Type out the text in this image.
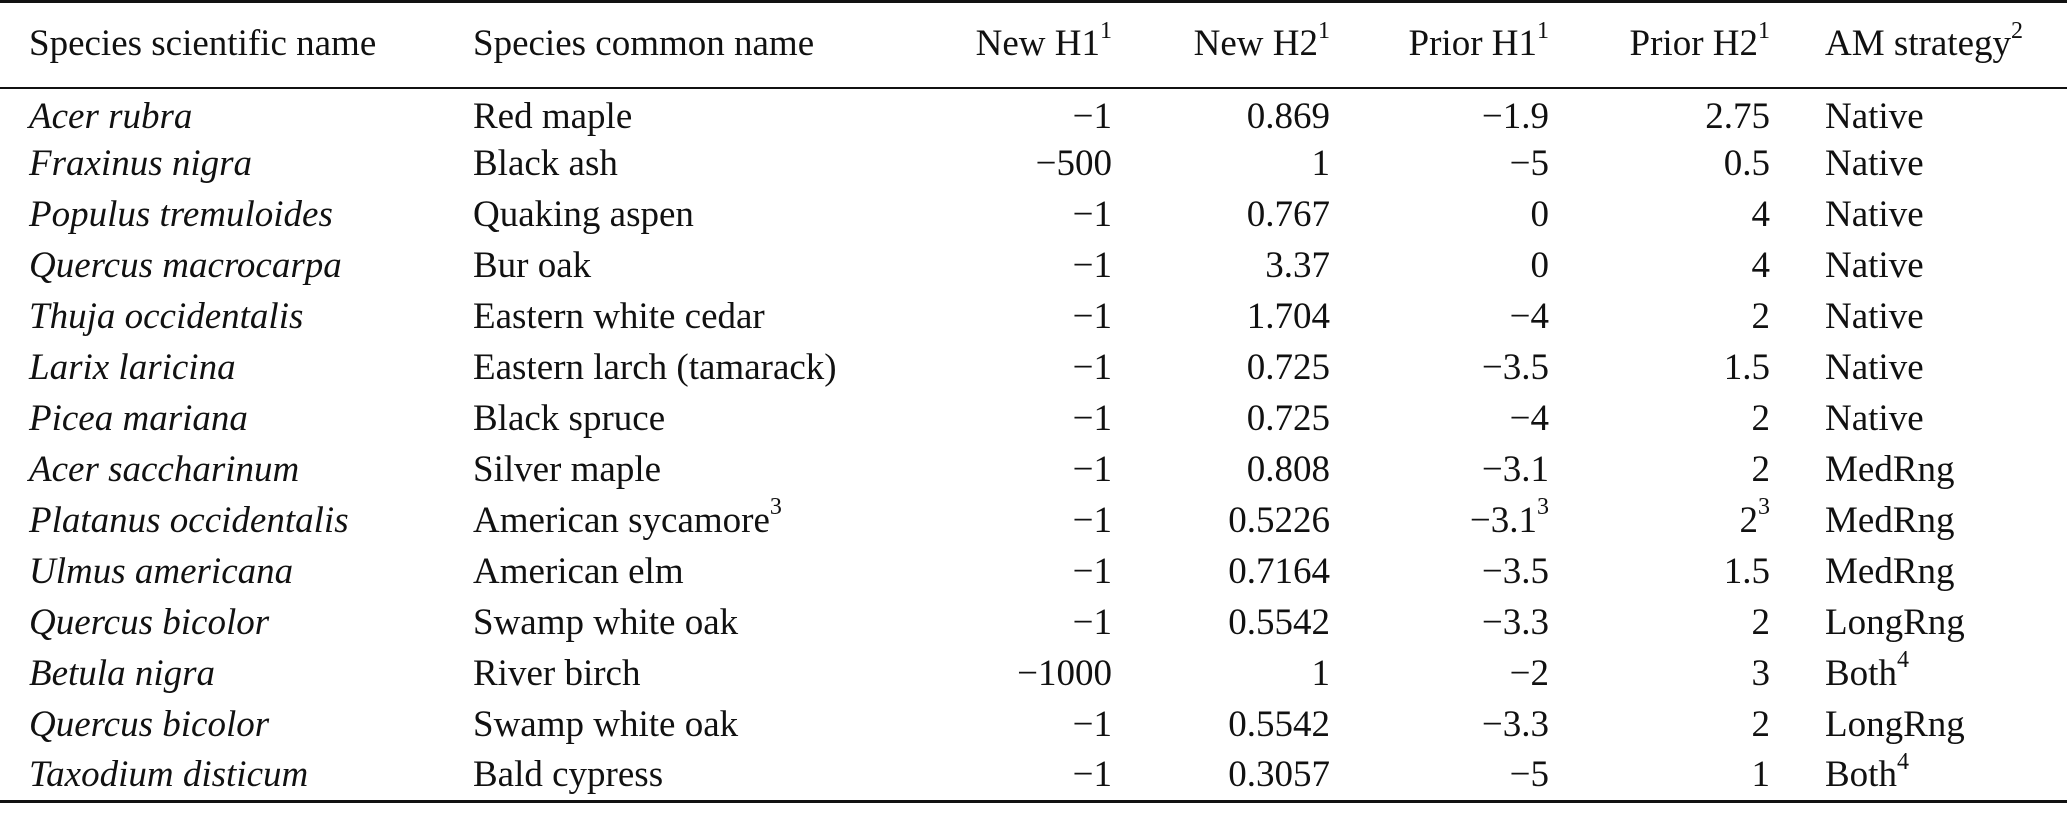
Species scientific name	Species common name	New $H1^1$	New $H2^1$	Prior $H1^1$	Prior $H2^1$	AM strategy$^2$
Acer rubra	Red maple	−1	0.869	−1.9	2.75	Native
Fraxinus nigra	Black ash	−500	1	−5	0.5	Native
Populus tremuloides	Quaking aspen	−1	0.767	0	4	Native
Quercus macrocarpa	Bur oak	−1	3.37	0	4	Native
Thuja occidentalis	Eastern white cedar	−1	1.704	−4	2	Native
Larix laricina	Eastern larch (tamarack)	−1	0.725	−3.5	1.5	Native
Picea mariana	Black spruce	−1	0.725	−4	2	Native
Acer saccharinum	Silver maple	−1	0.808	−3.1	2	MedRng
Platanus occidentalis	American sycamore$^3$	−1	0.5226	$-3.1^3$	$2^3$	MedRng
Ulmus americana	American elm	−1	0.7164	−3.5	1.5	MedRng
Quercus bicolor	Swamp white oak	−1	0.5542	−3.3	2	LongRng
Betula nigra	River birch	−1000	1	−2	3	Both$^4$
Quercus bicolor	Swamp white oak	−1	0.5542	−3.3	2	LongRng
Taxodium disticum	Bald cypress	−1	0.3057	−5	1	Both$^4$
